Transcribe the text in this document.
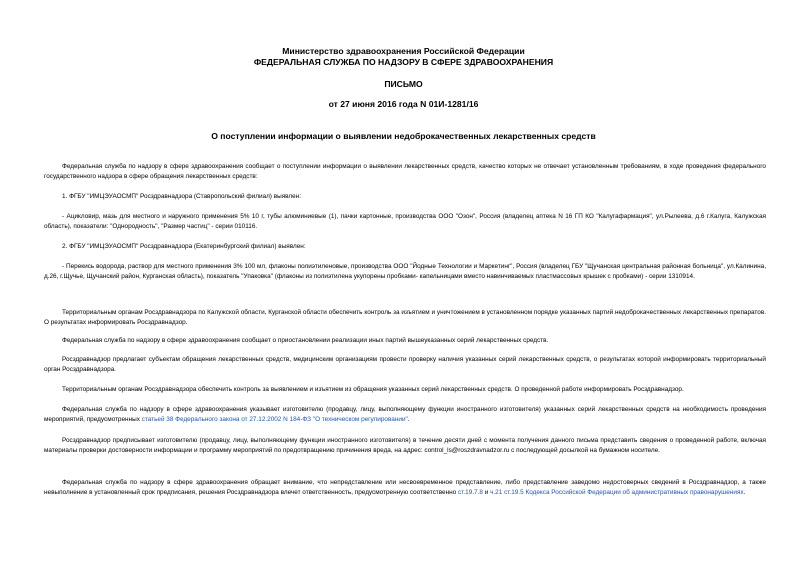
Министерство здравоохранения Российской Федерации
ФЕДЕРАЛЬНАЯ СЛУЖБА ПО НАДЗОРУ В СФЕРЕ ЗДРАВООХРАНЕНИЯ
ПИСЬМО
от 27 июня 2016 года N 01И-1281/16
О поступлении информации о выявлении недоброкачественных лекарственных средств

Федеральная служба по надзору в сфере здравоохранения сообщает о поступлении информации о выявлении лекарственных средств, качество которых не отвечает установленным требованиям, в ходе проведения федерального государственного надзора в сфере обращения лекарственных средств:

1. ФГБУ "ИМЦЭУАОСМП" Росздравнадзора (Ставропольский филиал) выявлен:

- Ацикловир, мазь для местного и наружного применения 5% 10 г, тубы алюминиевые (1), пачки картонные, производства ООО "Озон", Россия (владелец аптека N 16 ГП КО "Калугафармация", ул.Рылеева, д.6 г.Калуга, Калужская область), показатели: "Однородность", "Размер частиц" - серии 010116.

2. ФГБУ "ИМЦЭУАОСМП" Росздравнадзора (Екатеринбургский филиал) выявлен:

- Перекись водорода, раствор для местного применения 3% 100 мл, флаконы полиэтиленовые, производства ООО "Йодные Технологии и Маркетинг", Россия (владелец ГБУ "Щучанская центральная районная больница", ул.Калинина, д.26, г.Щучье, Щучанский район, Курганская область), показатель "Упаковка" (флаконы из полиэтилена укупорены пробками- капельницами вместо навинчиваемых пластмассовых крышек с пробками) - серии 1310914.

Территориальным органам Росздравнадзора по Калужской области, Курганской области обеспечить контроль за изъятием и уничтожением в установленном порядке указанных партий недоброкачественных лекарственных препаратов. О результатах информировать Росздравнадзор.

Федеральная служба по надзору в сфере здравоохранения сообщает о приостановлении реализации иных партий вышеуказанных серий лекарственных средств.

Росздравнадзор предлагает субъектам обращения лекарственных средств, медицинским организациям провести проверку наличия указанных серий лекарственных средств, о результатах которой информировать территориальный орган Росздравнадзора.

Территориальным органам Росздравнадзора обеспечить контроль за выявлением и изъятием из обращения указанных серий лекарственных средств. О проведенной работе информировать Росздравнадзор.

Федеральная служба по надзору в сфере здравоохранения указывает изготовителю (продавцу, лицу, выполняющему функции иностранного изготовителя) указанных серий лекарственных средств на необходимость проведения мероприятий, предусмотренных статьей 38 Федерального закона от 27.12.2002 N 184-ФЗ "О техническом регулировании".

Росздравнадзор предписывает изготовителю (продавцу, лицу, выполняющему функции иностранного изготовителя) в течение десяти дней с момента получения данного письма представить сведения о проведенной работе, включая материалы проверки достоверности информации и программу мероприятий по предотвращению причинения вреда, на адрес: control_ls@roszdravnadzor.ru с последующей досылкой на бумажном носителе.

Федеральная служба по надзору в сфере здравоохранения обращает внимание, что непредставление или несвоевременное представление, либо представление заведомо недостоверных сведений в Росздравнадзор, а также невыполнение в установленный срок предписания, решения Росздравнадзора влечет ответственность, предусмотренную соответственно ст.19.7.8 и ч.21 ст.19.5 Кодекса Российской Федерации об административных правонарушениях.
